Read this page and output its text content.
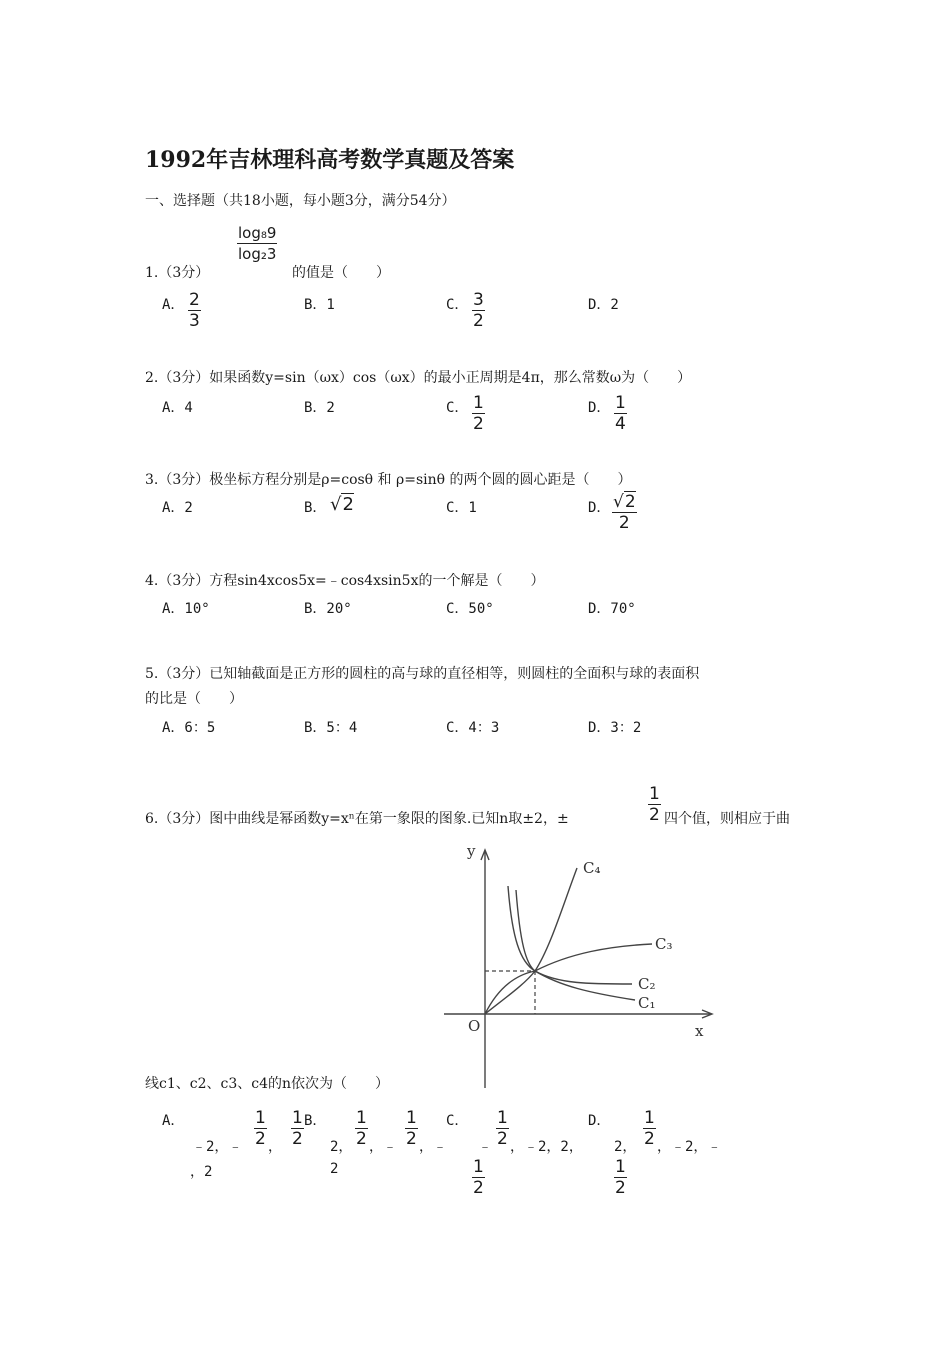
1992年吉林理科高考数学真题及答案
一、选择题（共18小题，每小题3分，满分54分）
1.（3分）
$\frac{\text{log₈9}}{\text{log₂3}}$
的值是（　　）
A． $\frac{2}{3}$	B．1	C． $\frac{3}{2}$	D．2
2.（3分）如果函数y=sin（ωx）cos（ωx）的最小正周期是4π，那么常数ω为（　　）
A．4	B．2	C． $\frac{1}{2}$	D． $\frac{1}{4}$
3.（3分）极坐标方程分别是ρ=cosθ 和 ρ=sinθ 的两个圆的圆心距是（　　）
A．2	B． √2	C．1	D． $\frac{√2}{2}$
4.（3分）方程sin4xcos5x=﹣cos4xsin5x的一个解是（　　）
A．10°	B．20°	C．50°	D．70°
5.（3分）已知轴截面是正方形的圆柱的高与球的直径相等，则圆柱的全面积与球的表面积
的比是（　　）
A．6：5	B．5：4	C．4：3	D．3：2
6.（3分）图中曲线是幂函数y=xⁿ在第一象限的图象.已知n取±2，±	$\frac{1}{2}$ 四个值，则相应于曲
y
x
O
C₁
C₂
C₃
C₄
线c1、c2、c3、c4的n依次为（　　）
A．
﹣2，﹣ $\frac{1}{2}$ ， $\frac{1}{2}$
，2
B．
2， $\frac{1}{2}$ ，﹣ $\frac{1}{2}$ ，﹣
2
C．
﹣ $\frac{1}{2}$ ，﹣2，2，
$\frac{1}{2}$
D．
2， $\frac{1}{2}$ ，﹣2，﹣
$\frac{1}{2}$
